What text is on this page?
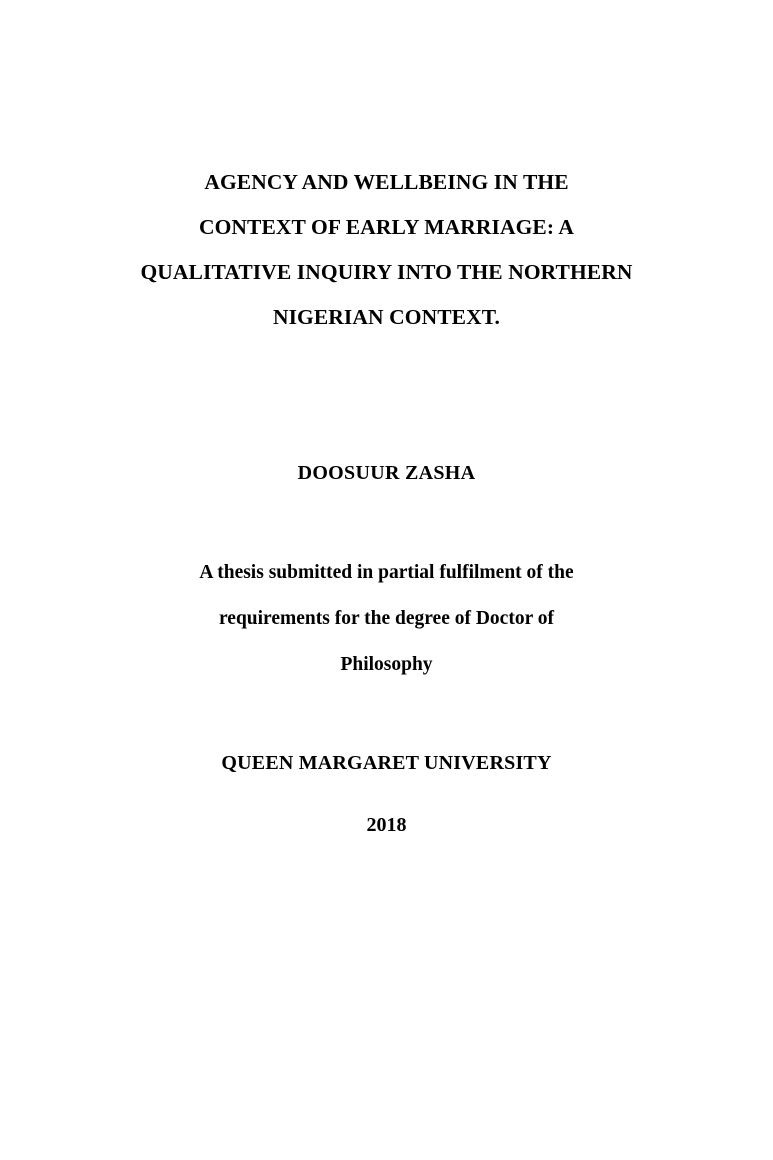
AGENCY AND WELLBEING IN THE
CONTEXT OF EARLY MARRIAGE: A
QUALITATIVE INQUIRY INTO THE NORTHERN
NIGERIAN CONTEXT.
DOOSUUR ZASHA
A thesis submitted in partial fulfilment of the
requirements for the degree of Doctor of
Philosophy
QUEEN MARGARET UNIVERSITY
2018
